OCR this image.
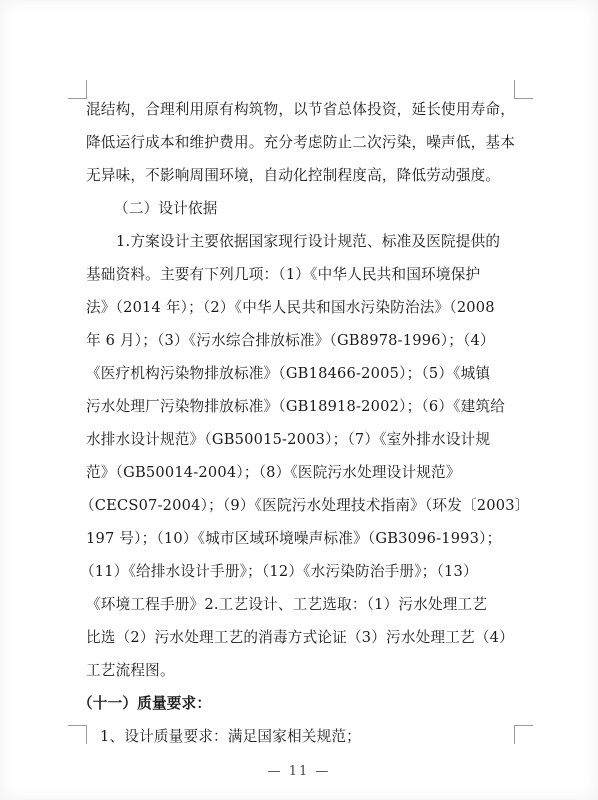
混结构，合理利用原有构筑物，以节省总体投资，延长使用寿命，
降低运行成本和维护费用。充分考虑防止二次污染，噪声低，基本
无异味，不影响周围环境，自动化控制程度高，降低劳动强度。
（二）设计依据
1.方案设计主要依据国家现行设计规范、标准及医院提供的
基础资料。主要有下列几项：（1）《中华人民共和国环境保护
法》（2014 年）；（2）《中华人民共和国水污染防治法》（2008
年 6 月）；（3）《污水综合排放标准》（GB8978-1996）；（4）
《医疗机构污染物排放标准》（GB18466-2005）；（5）《城镇
污水处理厂污染物排放标准》（GB18918-2002）；（6）《建筑给
水排水设计规范》（GB50015-2003）；（7）《室外排水设计规
范》（GB50014-2004）；（8）《医院污水处理设计规范》
（CECS07-2004）；（9）《医院污水处理技术指南》（环发〔2003〕
197 号）；（10）《城市区域环境噪声标准》（GB3096-1993）；
（11）《给排水设计手册》；（12）《水污染防治手册》；（13）
《环境工程手册》2.工艺设计、工艺选取：（1）污水处理工艺
比选（2）污水处理工艺的消毒方式论证（3）污水处理工艺（4）
工艺流程图。
（十一）质量要求：
1、设计质量要求：满足国家相关规范；
— 11 —
